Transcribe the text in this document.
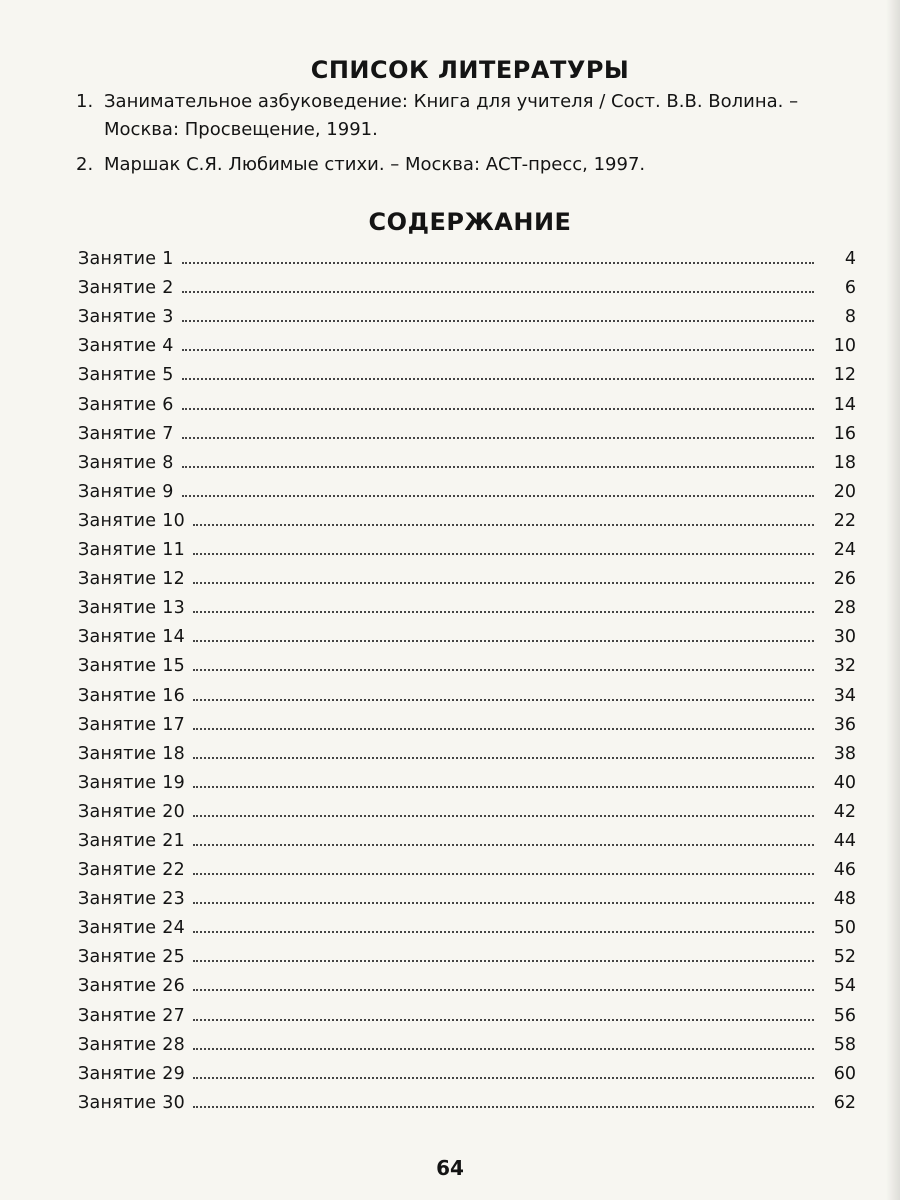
СПИСОК ЛИТЕРАТУРЫ
1. Занимательное азбуковедение: Книга для учителя / Сост. В.В. Волина. – Москва: Просвещение, 1991.
2. Маршак С.Я. Любимые стихи. – Москва: АСТ-пресс, 1997.
СОДЕРЖАНИЕ
Занятие 1	4
Занятие 2	6
Занятие 3	8
Занятие 4	10
Занятие 5	12
Занятие 6	14
Занятие 7	16
Занятие 8	18
Занятие 9	20
Занятие 10	22
Занятие 11	24
Занятие 12	26
Занятие 13	28
Занятие 14	30
Занятие 15	32
Занятие 16	34
Занятие 17	36
Занятие 18	38
Занятие 19	40
Занятие 20	42
Занятие 21	44
Занятие 22	46
Занятие 23	48
Занятие 24	50
Занятие 25	52
Занятие 26	54
Занятие 27	56
Занятие 28	58
Занятие 29	60
Занятие 30	62
64
